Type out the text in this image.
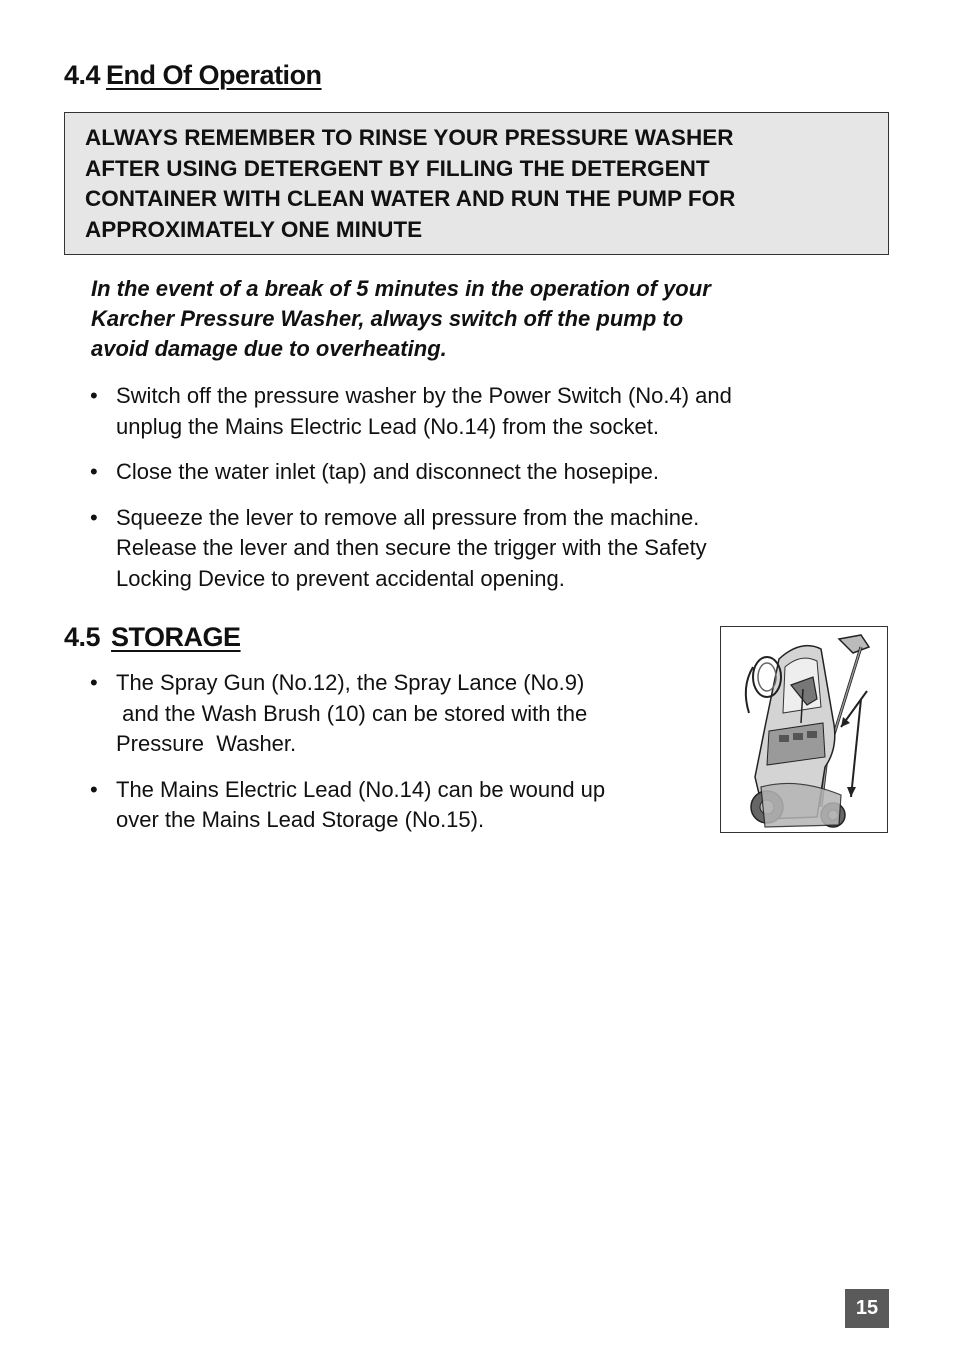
4.4 End Of Operation

ALWAYS REMEMBER TO RINSE YOUR PRESSURE WASHER

AFTER USING DETERGENT BY FILLING THE DETERGENT

CONTAINER WITH CLEAN WATER AND RUN THE PUMP FOR

APPROXIMATELY ONE MINUTE

In the event of a break of 5 minutes in the operation of your
Karcher Pressure Washer, always switch off the pump to
avoid damage due to overheating.

• Switch off the pressure washer by the Power Switch (No.4) and
unplug the Mains Electric Lead (No.14) from the socket.
• Close the water inlet (tap) and disconnect the hosepipe.
• Squeeze the lever to remove all pressure from the machine.
Release the lever and then secure the trigger with the Safety
Locking Device to prevent accidental opening.
4.5 STORAGE
• The Spray Gun (No.12), the Spray Lance (No.9)
and the Wash Brush (10) can be stored with the
Pressure  Washer.
• The Mains Electric Lead (No.14) can be wound up
over the Mains Lead Storage (No.15).
15
